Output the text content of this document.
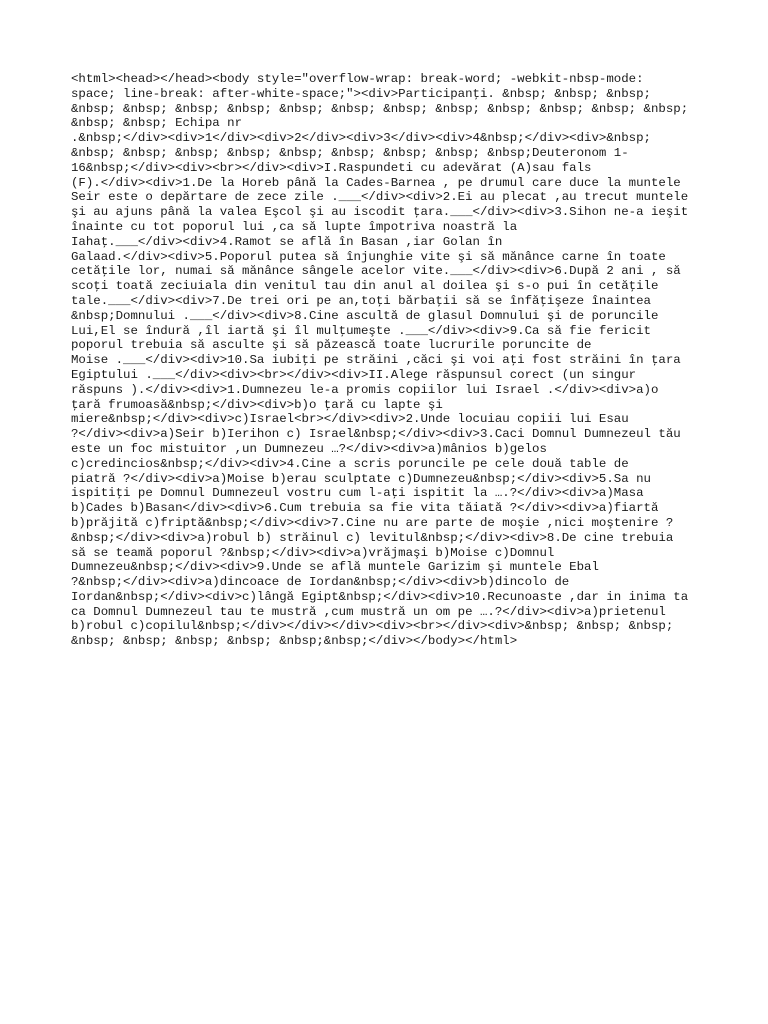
<html><head></head><body style="overflow-wrap: break-word; -webkit-nbsp-mode:
space; line-break: after-white-space;"><div>Participanţi. &nbsp; &nbsp; &nbsp;
&nbsp; &nbsp; &nbsp; &nbsp; &nbsp; &nbsp; &nbsp; &nbsp; &nbsp; &nbsp; &nbsp; &nbsp;
&nbsp; &nbsp; Echipa nr
.&nbsp;</div><div>1</div><div>2</div><div>3</div><div>4&nbsp;</div><div>&nbsp;
&nbsp; &nbsp; &nbsp; &nbsp; &nbsp; &nbsp; &nbsp; &nbsp; &nbsp;Deuteronom 1-
16&nbsp;</div><div><br></div><div>I.Raspundeti cu adevărat (A)sau fals
(F).</div><div>1.De la Horeb până la Cades-Barnea , pe drumul care duce la muntele
Seir este o depărtare de zece zile .___</div><div>2.Ei au plecat ,au trecut muntele
şi au ajuns până la valea Eşcol şi au iscodit ţara.___</div><div>3.Sihon ne-a ieşit
înainte cu tot poporul lui ,ca să lupte împotriva noastră la
Iahaţ.___</div><div>4.Ramot se află în Basan ,iar Golan în
Galaad.</div><div>5.Poporul putea să înjunghie vite şi să mănânce carne în toate
cetăţile lor, numai să mănânce sângele acelor vite.___</div><div>6.După 2 ani , să
scoţi toată zeciuiala din venitul tau din anul al doilea şi s-o pui în cetăţile
tale.___</div><div>7.De trei ori pe an,toţi bărbaţii să se înfăţişeze înaintea
&nbsp;Domnului .___</div><div>8.Cine ascultă de glasul Domnului şi de poruncile
Lui,El se îndură ,îl iartă şi îl mulţumeşte .___</div><div>9.Ca să fie fericit
poporul trebuia să asculte şi să păzească toate lucrurile poruncite de
Moise .___</div><div>10.Sa iubiţi pe străini ,căci şi voi aţi fost străini în ţara
Egiptului .___</div><div><br></div><div>II.Alege răspunsul corect (un singur
răspuns ).</div><div>1.Dumnezeu le-a promis copiilor lui Israel .</div><div>a)o
ţară frumoasă&nbsp;</div><div>b)o ţară cu lapte şi
miere&nbsp;</div><div>c)Israel<br></div><div>2.Unde locuiau copiii lui Esau
?</div><div>a)Seir b)Ierihon c) Israel&nbsp;</div><div>3.Caci Domnul Dumnezeul tău
este un foc mistuitor ,un Dumnezeu …?</div><div>a)mânios b)gelos
c)credincios&nbsp;</div><div>4.Cine a scris poruncile pe cele două table de
piatră ?</div><div>a)Moise b)erau sculptate c)Dumnezeu&nbsp;</div><div>5.Sa nu
ispitiţi pe Domnul Dumnezeul vostru cum l-aţi ispitit la ….?</div><div>a)Masa
b)Cades b)Basan</div><div>6.Cum trebuia sa fie vita tăiată ?</div><div>a)fiartă
b)prăjită c)friptă&nbsp;</div><div>7.Cine nu are parte de moşie ,nici moştenire ?
&nbsp;</div><div>a)robul b) străinul c) levitul&nbsp;</div><div>8.De cine trebuia
să se teamă poporul ?&nbsp;</div><div>a)vrăjmaşi b)Moise c)Domnul
Dumnezeu&nbsp;</div><div>9.Unde se află muntele Garizim şi muntele Ebal
?&nbsp;</div><div>a)dincoace de Iordan&nbsp;</div><div>b)dincolo de
Iordan&nbsp;</div><div>c)lângă Egipt&nbsp;</div><div>10.Recunoaste ,dar in inima ta
ca Domnul Dumnezeul tau te mustră ,cum mustră un om pe ….?</div><div>a)prietenul
b)robul c)copilul&nbsp;</div></div></div><div><br></div><div>&nbsp; &nbsp; &nbsp;
&nbsp; &nbsp; &nbsp; &nbsp; &nbsp;&nbsp;</div></body></html>
